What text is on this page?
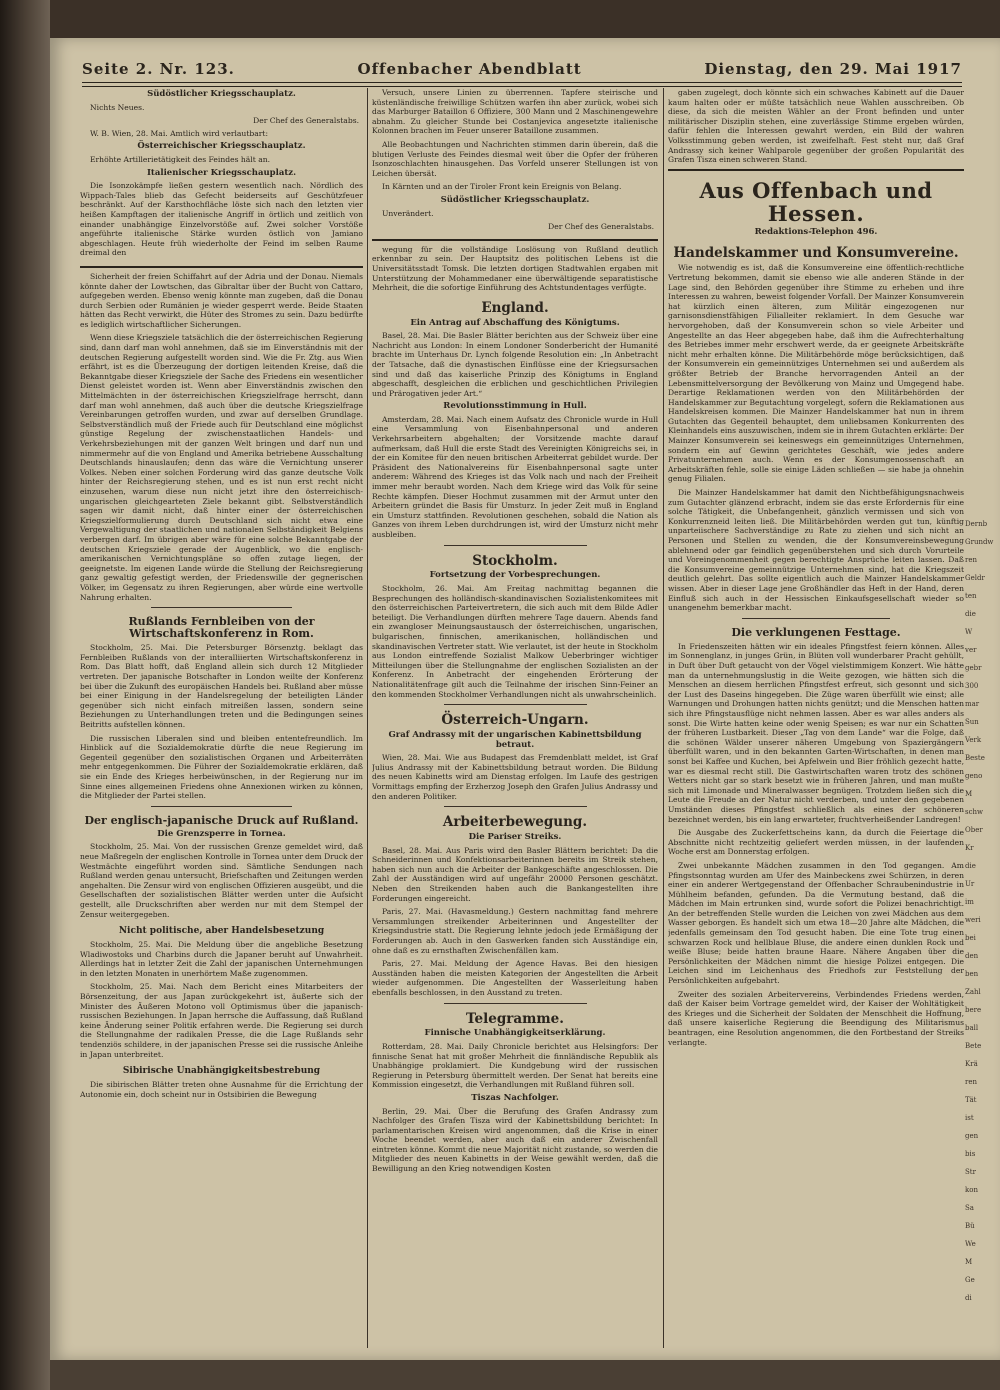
Seite 2. Nr. 123.	Offenbacher Abendblatt	Dienstag, den 29. Mai 1917
Südöstlicher Kriegsschauplatz.

Nichts Neues.

Der Chef des Generalstabs.

W. B. Wien, 28. Mai. Amtlich wird verlautbart:

Österreichischer Kriegsschauplatz.

Erhöhte Artillerietätigkeit des Feindes hält an.

Italienischer Kriegsschauplatz.

Die Isonzokämpfe ließen gestern wesentlich nach. Nördlich des Wippach-Tales blieb das Gefecht beiderseits auf Geschützfeuer beschränkt. Auf der Karsthochfläche löste sich nach den letzten vier heißen Kampftagen der italienische Angriff in örtlich und zeitlich von einander unabhängige Einzelvorstöße auf. Zwei solcher Vorstöße angeführte italienische Stärke wurden östlich von Jamiano abgeschlagen. Heute früh wiederholte der Feind im selben Raume dreimal den

Sicherheit der freien Schiffahrt auf der Adria und der Donau. Niemals könnte daher der Lowtschen, das Gibraltar über der Bucht von Cattaro, aufgegeben werden. Ebenso wenig könnte man zugeben, daß die Donau durch Serbien oder Rumänien je wieder gesperrt werde. Beide Staaten hätten das Recht verwirkt, die Hüter des Stromes zu sein. Dazu bedürfte es lediglich wirtschaftlicher Sicherungen.

Wenn diese Kriegsziele tatsächlich die der österreichischen Regierung sind, dann darf man wohl annehmen, daß sie im Einverständnis mit der deutschen Regierung aufgestellt worden sind. Wie die Fr. Ztg. aus Wien erfährt, ist es die Überzeugung der dortigen leitenden Kreise, daß die Bekanntgabe dieser Kriegsziele der Sache des Friedens ein wesentlicher Dienst geleistet worden ist. Wenn aber Einverständnis zwischen den Mittelmächten in der österreichischen Kriegszielfrage herrscht, dann darf man wohl annehmen, daß auch über die deutsche Kriegszielfrage Vereinbarungen getroffen wurden, und zwar auf derselben Grundlage. Selbstverständlich muß der Friede auch für Deutschland eine möglichst günstige Regelung der zwischenstaatlichen Handels- und Verkehrsbeziehungen mit der ganzen Welt bringen und darf nun und nimmermehr auf die von England und Amerika betriebene Ausschaltung Deutschlands hinauslaufen; denn das wäre die Vernichtung unserer Volkes. Neben einer solchen Forderung wird das ganze deutsche Volk hinter der Reichsregierung stehen, und es ist nun erst recht nicht einzusehen, warum diese nun nicht jetzt ihre den österreichisch-ungarischen gleichgearteten Ziele bekannt gibt. Selbstverständlich sagen wir damit nicht, daß hinter einer der österreichischen Kriegszielformulierung durch Deutschland sich nicht etwa eine Vergewaltigung der staatlichen und nationalen Selbständigkeit Belgiens verbergen darf. Im übrigen aber wäre für eine solche Bekanntgabe der deutschen Kriegsziele gerade der Augenblick, wo die englisch-amerikanischen Vernichtungspläne so offen zutage liegen, der geeignetste. Im eigenen Lande würde die Stellung der Reichsregierung ganz gewaltig gefestigt werden, der Friedenswille der gegnerischen Völker, im Gegensatz zu ihren Regierungen, aber würde eine wertvolle Nahrung erhalten.

Rußlands Fernbleiben von der Wirtschaftskonferenz in Rom.

Stockholm, 25. Mai. Die Petersburger Börsenztg. beklagt das Fernbleiben Rußlands von der interalliierten Wirtschaftskonferenz in Rom. Das Blatt hofft, daß England allein sich durch 12 Mitglieder vertreten. Der japanische Botschafter in London weilte der Konferenz bei über die Zukunft des europäischen Handels bei. Rußland aber müsse bei einer Einigung in der Handelsregelung der beteiligten Länder gegenüber sich nicht einfach mitreißen lassen, sondern seine Beziehungen zu Unterhandlungen treten und die Bedingungen seines Beitritts aufstellen können.

Die russischen Liberalen sind und bleiben ententefreundlich. Im Hinblick auf die Sozialdemokratie dürfte die neue Regierung im Gegenteil gegenüber den sozialistischen Organen und Arbeiterräten mehr entgegenkommen. Die Führer der Sozialdemokratie erklären, daß sie ein Ende des Krieges herbeiwünschen, in der Regierung nur im Sinne eines allgemeinen Friedens ohne Annexionen wirken zu können, die Mitglieder der Partei stellen.

Der englisch-japanische Druck auf Rußland.
Die Grenzsperre in Tornea.

Stockholm, 25. Mai. Von der russischen Grenze gemeldet wird, daß neue Maßregeln der englischen Kontrolle in Tornea unter dem Druck der Westmächte eingeführt worden sind. Sämtliche Sendungen nach Rußland werden genau untersucht, Briefschaften und Zeitungen werden angehalten. Die Zensur wird von englischen Offizieren ausgeübt, und die Gesellschaften der sozialistischen Blätter werden unter die Aufsicht gestellt, alle Druckschriften aber werden nur mit dem Stempel der Zensur weitergegeben.

Nicht politische, aber Handelsbesetzung

Stockholm, 25. Mai. Die Meldung über die angebliche Besetzung Wladiwostoks und Charbins durch die Japaner beruht auf Unwahrheit. Allerdings hat in letzter Zeit die Zahl der japanischen Unternehmungen in den letzten Monaten in unerhörtem Maße zugenommen.

Stockholm, 25. Mai. Nach dem Bericht eines Mitarbeiters der Börsenzeitung, der aus Japan zurückgekehrt ist, äußerte sich der Minister des Äußeren Motono voll Optimismus über die japanisch-russischen Beziehungen. In Japan herrsche die Auffassung, daß Rußland keine Änderung seiner Politik erfahren werde. Die Regierung sei durch die Stellungnahme der radikalen Presse, die die Lage Rußlands sehr tendenziös schildere, in der japanischen Presse sei die russische Anleihe in Japan unterbreitet.

Sibirische Unabhängigkeitsbestrebung

Die sibirischen Blätter treten ohne Ausnahme für die Errichtung der Autonomie ein, doch scheint nur in Ostsibirien die Bewegung

Versuch, unsere Linien zu überrennen. Tapfere steirische und küstenländische freiwillige Schützen warfen ihn aber zurück, wobei sich das Marburger Bataillon 6 Offiziere, 300 Mann und 2 Maschinengewehre abnahm. Zu gleicher Stunde bei Costanjevica angesetzte italienische Kolonnen brachen im Feuer unserer Bataillone zusammen.

Alle Beobachtungen und Nachrichten stimmen darin überein, daß die blutigen Verluste des Feindes diesmal weit über die Opfer der früheren Isonzoschlachten hinausgehen. Das Vorfeld unserer Stellungen ist von Leichen übersät.

In Kärnten und an der Tiroler Front kein Ereignis von Belang.

Südöstlicher Kriegsschauplatz.

Unverändert.

Der Chef des Generalstabs.

wegung für die vollständige Loslösung von Rußland deutlich erkennbar zu sein. Der Hauptsitz des politischen Lebens ist die Universitätsstadt Tomsk. Die letzten dortigen Stadtwahlen ergaben mit Unterstützung der Mohammedaner eine überwältigende separatistische Mehrheit, die die sofortige Einführung des Achtstundentages verfügte.

England.
Ein Antrag auf Abschaffung des Königtums.

Basel, 28. Mai. Die Basler Blätter berichten aus der Schweiz über eine Nachricht aus London: In einem Londoner Sonderbericht der Humanité brachte im Unterhaus Dr. Lynch folgende Resolution ein: „In Anbetracht der Tatsache, daß die dynastischen Einflüsse eine der Kriegsursachen sind und daß das kaiserliche Prinzip des Königtums in England abgeschafft, desgleichen die erblichen und geschichtlichen Privilegien und Prärogativen jeder Art.“

Revolutionsstimmung in Hull.

Amsterdam, 28. Mai. Nach einem Aufsatz des Chronicle wurde in Hull eine Versammlung von Eisenbahnpersonal und anderen Verkehrsarbeitern abgehalten; der Vorsitzende machte darauf aufmerksam, daß Hull die erste Stadt des Vereinigten Königreichs sei, in der ein Komitee für den neuen britischen Arbeiterrat gebildet wurde. Der Präsident des Nationalvereins für Eisenbahnpersonal sagte unter anderem: Während des Krieges ist das Volk nach und nach der Freiheit immer mehr beraubt worden. Nach dem Kriege wird das Volk für seine Rechte kämpfen. Dieser Hochmut zusammen mit der Armut unter den Arbeitern gründet die Basis für Umsturz. In jeder Zeit muß in England ein Umsturz stattfinden. Revolutionen geschehen, sobald die Nation als Ganzes von ihrem Leben durchdrungen ist, wird der Umsturz nicht mehr ausbleiben.

Stockholm.
Fortsetzung der Vorbesprechungen.

Stockholm, 26. Mai. Am Freitag nachmittag begannen die Besprechungen des holländisch-skandinavischen Sozialistenkomitees mit den österreichischen Parteivertretern, die sich auch mit dem Bilde Adler beteiligt. Die Verhandlungen dürften mehrere Tage dauern. Abends fand ein zwangloser Meinungsaustausch der österreichischen, ungarischen, bulgarischen, finnischen, amerikanischen, holländischen und skandinavischen Vertreter statt. Wie verlautet, ist der heute in Stockholm aus London eintreffende Sozialist Malkow Ueberbringer wichtiger Mitteilungen über die Stellungnahme der englischen Sozialisten an der Konferenz. In Anbetracht der eingehenden Erörterung der Nationalitätenfrage gilt auch die Teilnahme der irischen Sinn-Feiner an den kommenden Stockholmer Verhandlungen nicht als unwahrscheinlich.

Österreich-Ungarn.
Graf Andrassy mit der ungarischen Kabinettsbildung betraut.

Wien, 28. Mai. Wie aus Budapest das Fremdenblatt meldet, ist Graf Julius Andrassy mit der Kabinettsbildung betraut worden. Die Bildung des neuen Kabinetts wird am Dienstag erfolgen. Im Laufe des gestrigen Vormittags empfing der Erzherzog Joseph den Grafen Julius Andrassy und den anderen Politiker.

Arbeiterbewegung.
Die Pariser Streiks.

Basel, 28. Mai. Aus Paris wird den Basler Blättern berichtet: Da die Schneiderinnen und Konfektionsarbeiterinnen bereits im Streik stehen, haben sich nun auch die Arbeiter der Bankgeschäfte angeschlossen. Die Zahl der Ausständigen wird auf ungefähr 20000 Personen geschätzt. Neben den Streikenden haben auch die Bankangestellten ihre Forderungen eingereicht.

Paris, 27. Mai. (Havasmeldung.) Gestern nachmittag fand mehrere Versammlungen streikender Arbeiterinnen und Angestellter der Kriegsindustrie statt. Die Regierung lehnte jedoch jede Ermäßigung der Forderungen ab. Auch in den Gaswerken fanden sich Ausständige ein, ohne daß es zu ernsthaften Zwischenfällen kam.

Paris, 27. Mai. Meldung der Agence Havas. Bei den hiesigen Ausständen haben die meisten Kategorien der Angestellten die Arbeit wieder aufgenommen. Die Angestellten der Wasserleitung haben ebenfalls beschlossen, in den Ausstand zu treten.

Telegramme.
Finnische Unabhängigkeitserklärung.

Rotterdam, 28. Mai. Daily Chronicle berichtet aus Helsingfors: Der finnische Senat hat mit großer Mehrheit die finnländische Republik als Unabhängige proklamiert. Die Kundgebung wird der russischen Regierung in Petersburg übermittelt werden. Der Senat hat bereits eine Kommission eingesetzt, die Verhandlungen mit Rußland führen soll.

Tiszas Nachfolger.

Berlin, 29. Mai. Über die Berufung des Grafen Andrassy zum Nachfolger des Grafen Tisza wird der Kabinettsbildung berichtet: In parlamentarischen Kreisen wird angenommen, daß die Krise in einer Woche beendet werden, aber auch daß ein anderer Zwischenfall eintreten könne. Kommt die neue Majorität nicht zustande, so werden die Mitglieder des neuen Kabinetts in der Weise gewählt werden, daß die Bewilligung an den Krieg notwendigen Kosten

gaben zugelegt, doch könnte sich ein schwaches Kabinett auf die Dauer kaum halten oder er müßte tatsächlich neue Wahlen ausschreiben. Ob diese, da sich die meisten Wähler an der Front befinden und unter militärischer Disziplin stehen, eine zuverlässige Stimme ergeben würden, dafür fehlen die Interessen gewahrt werden, ein Bild der wahren Volksstimmung geben werden, ist zweifelhaft. Fest steht nur, daß Graf Andrassy sich keiner Wahlparole gegenüber der großen Popularität des Grafen Tisza einen schweren Stand.

Aus Offenbach und Hessen.
Redaktions-Telephon 496.
Handelskammer und Konsumvereine.

Wie notwendig es ist, daß die Konsumvereine eine öffentlich-rechtliche Vertretung bekommen, damit sie ebenso wie alle anderen Stände in der Lage sind, den Behörden gegenüber ihre Stimme zu erheben und ihre Interessen zu wahren, beweist folgender Vorfall. Der Mainzer Konsumverein hat kürzlich einen älteren, zum Militär eingezogenen nur garnisonsdienstfähigen Filialleiter reklamiert. In dem Gesuche war hervorgehoben, daß der Konsumverein schon so viele Arbeiter und Angestellte an das Heer abgegeben habe, daß ihm die Aufrechterhaltung des Betriebes immer mehr erschwert werde, da er geeignete Arbeitskräfte nicht mehr erhalten könne. Die Militärbehörde möge berücksichtigen, daß der Konsumverein ein gemeinnütziges Unternehmen sei und außerdem als größter Betrieb der Branche hervorragenden Anteil an der Lebensmittelversorgung der Bevölkerung von Mainz und Umgegend habe. Derartige Reklamationen werden von den Militärbehörden der Handelskammer zur Begutachtung vorgelegt, sofern die Reklamationen aus Handelskreisen kommen. Die Mainzer Handelskammer hat nun in ihrem Gutachten das Gegenteil behauptet, dem unliebsamen Konkurrenten des Kleinhandels eins auszuwischen, indem sie in ihrem Gutachten erklärte: Der Mainzer Konsumverein sei keineswegs ein gemeinnütziges Unternehmen, sondern ein auf Gewinn gerichtetes Geschäft, wie jedes andere Privatunternehmen auch. Wenn es der Konsumgenossenschaft an Arbeitskräften fehle, solle sie einige Läden schließen — sie habe ja ohnehin genug Filialen.

Die Mainzer Handelskammer hat damit den Nichtbefähigungsnachweis zum Gutachter glänzend erbracht, indem sie das erste Erfordernis für eine solche Tätigkeit, die Unbefangenheit, gänzlich vermissen und sich von Konkurrenzneid leiten ließ. Die Militärbehörden werden gut tun, künftig unparteiischere Sachverständige zu Rate zu ziehen und sich nicht an Personen und Stellen zu wenden, die der Konsumvereinsbewegung ablehnend oder gar feindlich gegenüberstehen und sich durch Vorurteile und Voreingenommenheit gegen berechtigte Ansprüche leiten lassen. Daß die Konsumvereine gemeinnützige Unternehmen sind, hat die Kriegszeit deutlich gelehrt. Das sollte eigentlich auch die Mainzer Handelskammer wissen. Aber in dieser Lage jene Großhändler das Heft in der Hand, deren Einfluß sich auch in der Hessischen Einkaufsgesellschaft wieder so unangenehm bemerkbar macht.

Die verklungenen Festtage.

In Friedenszeiten hätten wir ein ideales Pfingstfest feiern können. Alles im Sonnenglanz, in junges Grün, in Blüten voll wunderbarer Pracht gehüllt, in Duft über Duft getaucht von der Vögel vielstimmigem Konzert. Wie hätte man da unternehmungslustig in die Weite gezogen, wie hätten sich die Menschen an diesem herrlichen Pfingstfest erfreut, sich gesonnt und sich der Lust des Daseins hingegeben. Die Züge waren überfüllt wie einst; alle Warnungen und Drohungen hatten nichts genützt; und die Menschen hatten sich ihre Pfingstausflüge nicht nehmen lassen. Aber es war alles anders als sonst. Die Wirte hatten keine oder wenig Speisen; es war nur ein Schatten der früheren Lustbarkeit. Dieser „Tag von dem Lande“ war die Folge, daß die schönen Wälder unserer näheren Umgebung von Spaziergängern überfüllt waren, und in den bekannten Garten-Wirtschaften, in denen man sonst bei Kaffee und Kuchen, bei Apfelwein und Bier fröhlich gezecht hatte, war es diesmal recht still. Die Gastwirtschaften waren trotz des schönen Wetters nicht gar so stark besetzt wie in früheren Jahren, und man mußte sich mit Limonade und Mineralwasser begnügen. Trotzdem ließen sich die Leute die Freude an der Natur nicht verderben, und unter den gegebenen Umständen dieses Pfingstfest schließlich als eines der schöneren bezeichnet werden, bis ein lang erwarteter, fruchtverheißender Landregen!

Die Ausgabe des Zuckerfettscheins kann, da durch die Feiertage die Abschnitte nicht rechtzeitig geliefert werden müssen, in der laufenden Woche erst am Donnerstag erfolgen.

Zwei unbekannte Mädchen zusammen in den Tod gegangen. Am Pfingstsonntag wurden am Ufer des Mainbeckens zwei Schürzen, in deren einer ein anderer Wertgegenstand der Offenbacher Schraubenindustrie in Mühlheim befanden, gefunden. Da die Vermutung bestand, daß die Mädchen im Main ertrunken sind, wurde sofort die Polizei benachrichtigt. An der betreffenden Stelle wurden die Leichen von zwei Mädchen aus dem Wasser geborgen. Es handelt sich um etwa 18—20 Jahre alte Mädchen, die jedenfalls gemeinsam den Tod gesucht haben. Die eine Tote trug einen schwarzen Rock und hellblaue Bluse, die andere einen dunklen Rock und weiße Bluse; beide hatten braune Haare. Nähere Angaben über die Persönlichkeiten der Mädchen nimmt die hiesige Polizei entgegen. Die Leichen sind im Leichenhaus des Friedhofs zur Feststellung der Persönlichkeiten aufgebahrt.

Zweiter des sozialen Arbeitervereins, Verbindendes Friedens werden, daß der Kaiser beim Vortrage gemeldet wird, der Kaiser der Wohltätigkeit des Krieges und die Sicherheit der Soldaten der Menschheit die Hoffnung, daß unsere kaiserliche Regierung die Beendigung des Militarismus beantragen, eine Resolution angenommen, die den Fortbestand der Streiks verlangte.

Dernb
Grundw
ren
Geldr
ten
die
W
ver
gebr
300
mar
Sun
Verk
Beste
geno
M
schw
Ober
Kr
die
Ur
im
weri
bei
den
ben
Zahl
bere
ball
Bete
Krä
ren
Tät
ist
gen
bis
Str
kon
Sa
Bü
We
M
Ge
di
